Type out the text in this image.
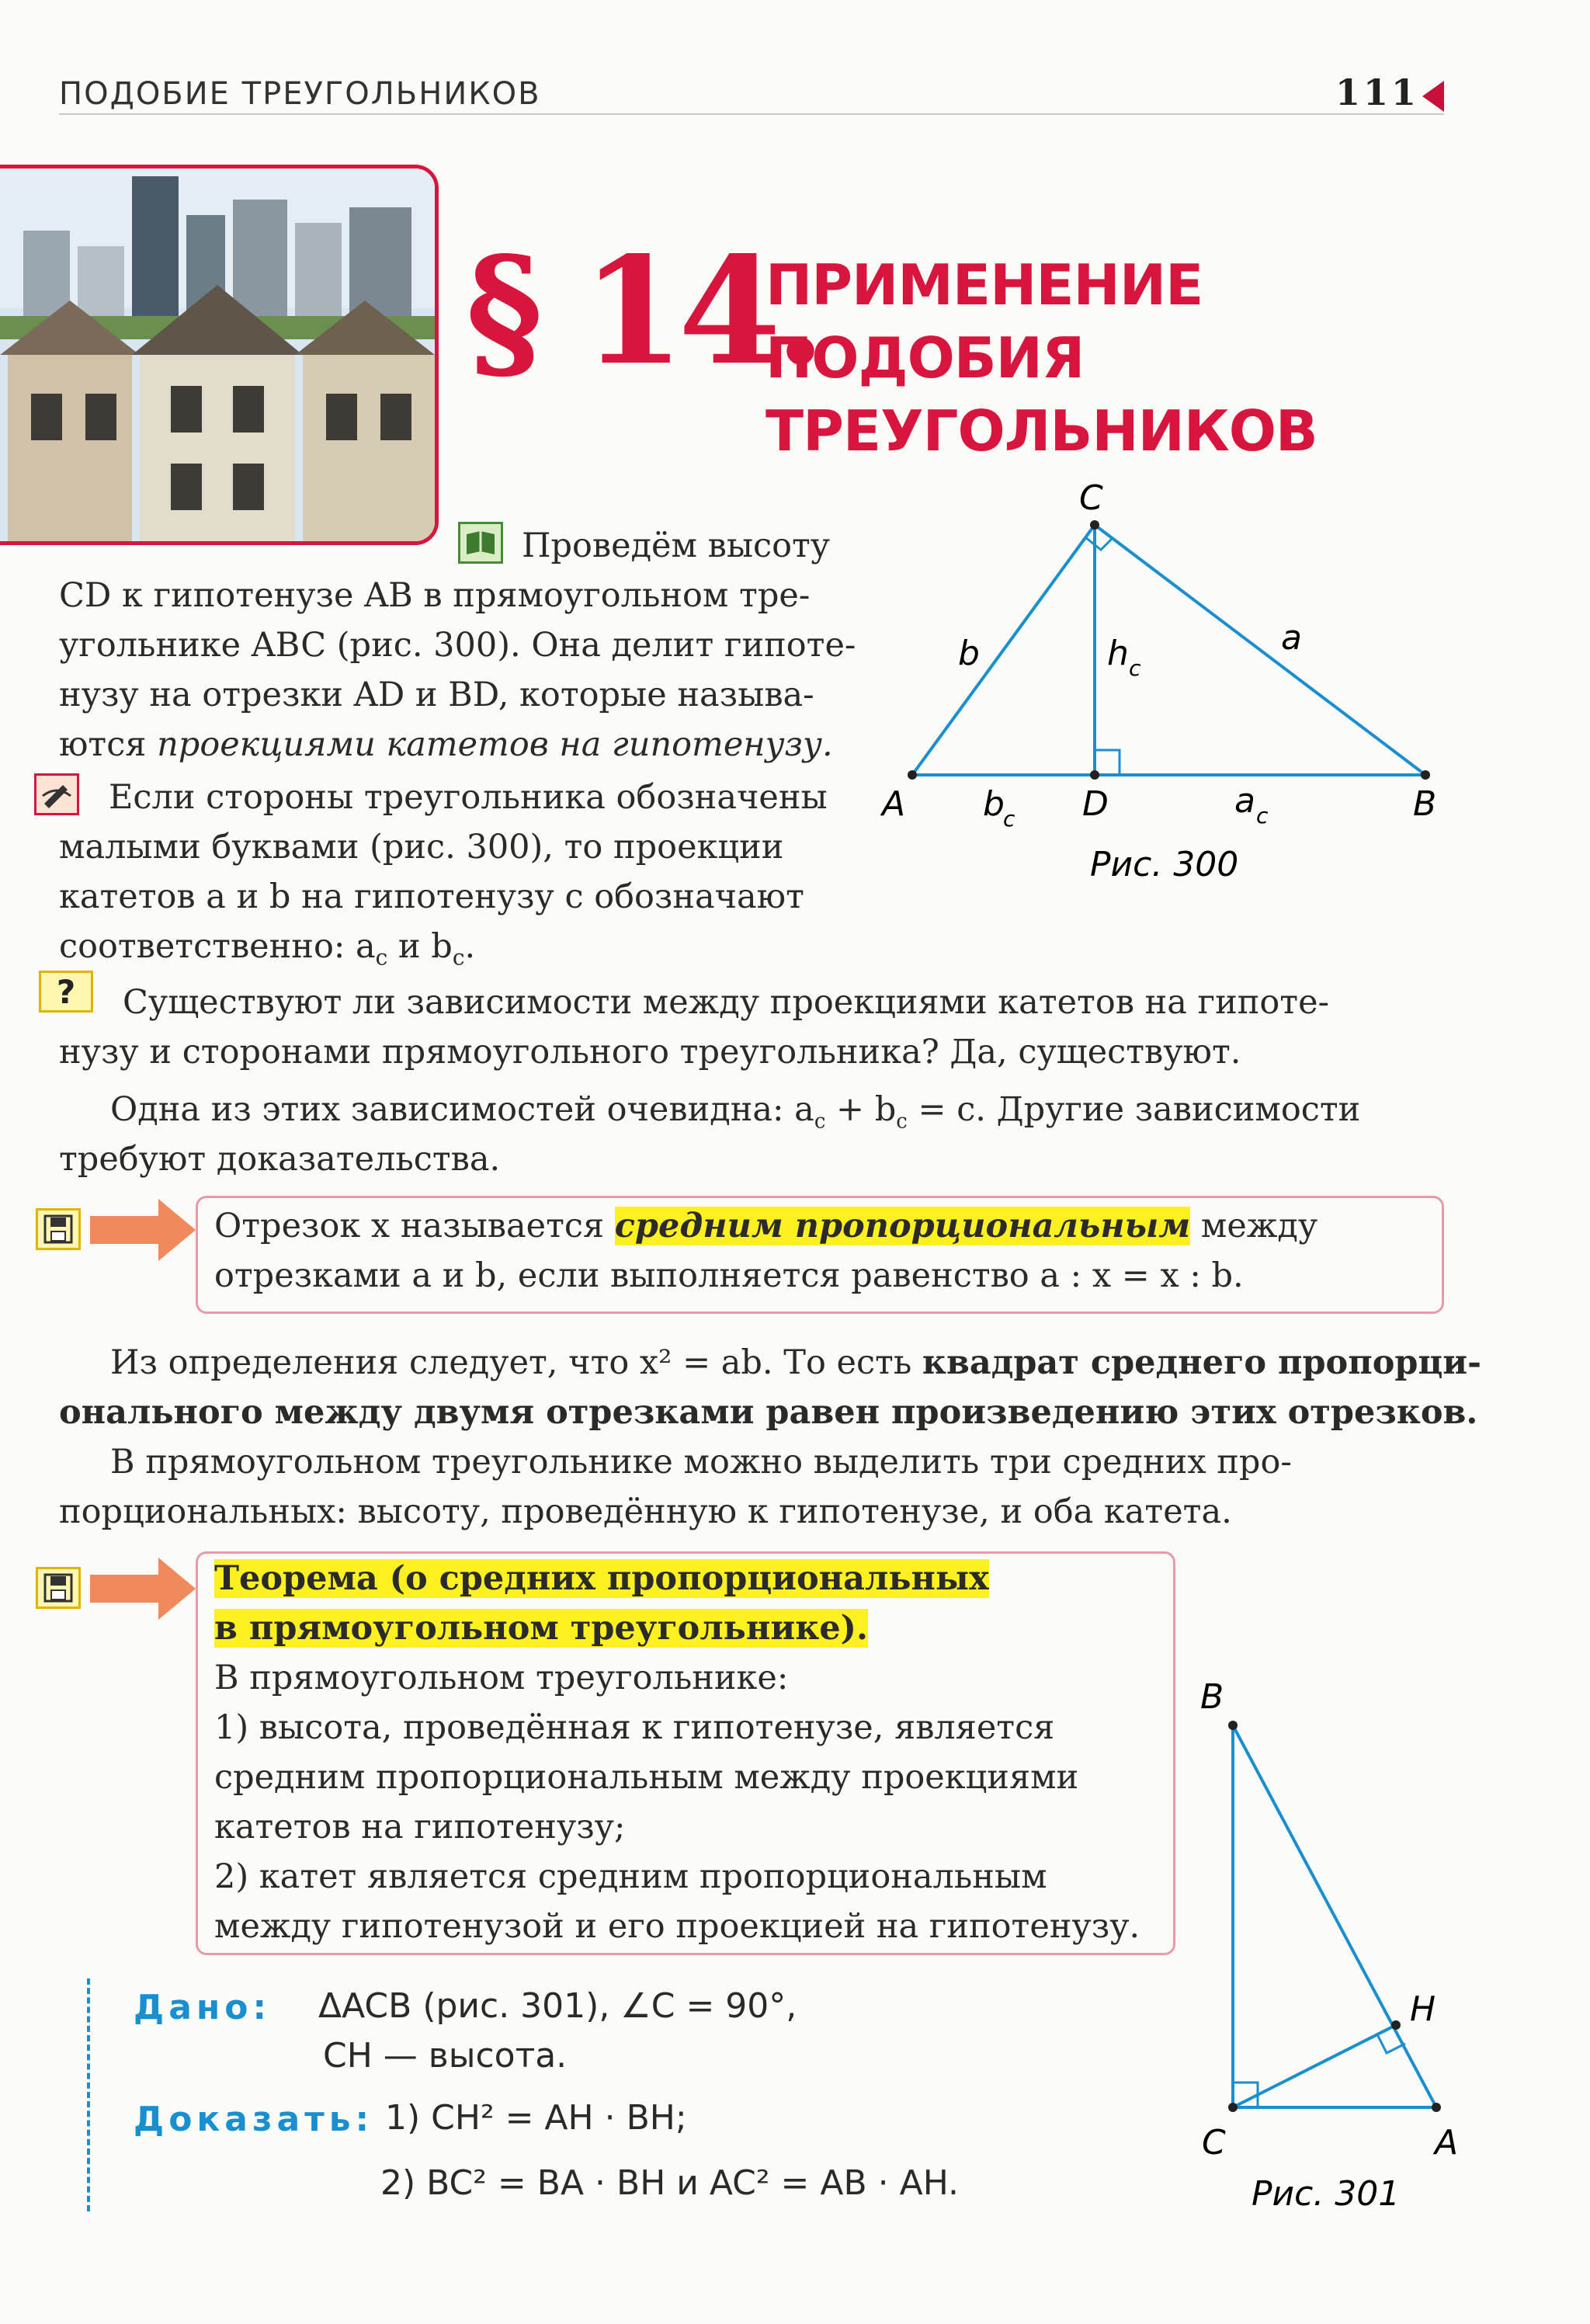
ПОДОБИЕ ТРЕУГОЛЬНИКОВ	111
§ 14.
ПРИМЕНЕНИЕ
ПОДОБИЯ
ТРЕУГОЛЬНИКОВ
Проведём высоту
CD к гипотенузе AB в прямоугольном тре-
угольнике ABC (рис. 300). Она делит гипоте-
нузу на отрезки AD и BD, которые называ-
ются проекциями катетов на гипотенузу.
Если стороны треугольника обозначены
малыми буквами (рис. 300), то проекции
катетов a и b на гипотенузу c обозначают
соответственно: $a_c$ и $b_c$.
C
A	B
D
b	a
h c
b
c	a c
Рис. 300
? Существуют ли зависимости между проекциями катетов на гипоте-
нузу и сторонами прямоугольного треугольника? Да, существуют.
Одна из этих зависимостей очевидна: $a_c + b_c = c$. Другие зависимости
требуют доказательства.
Отрезок x называется средним пропорциональным между
отрезками a и b, если выполняется равенство a : x = x : b.
Из определения следует, что x² = ab. То есть квадрат среднего пропорци-
онального между двумя отрезками равен произведению этих отрезков.
В прямоугольном треугольнике можно выделить три средних про-
порциональных: высоту, проведённую к гипотенузе, и оба катета.
Теорема (о средних пропорциональных
в прямоугольном треугольнике).
В прямоугольном треугольнике:
1) высота, проведённая к гипотенузе, является
средним пропорциональным между проекциями
катетов на гипотенузу;
2) катет является средним пропорциональным
между гипотенузой и его проекцией на гипотенузу.
Дано: ΔACB (рис. 301), ∠C = 90°,
CH — высота.
Доказать: 1) CH² = AH · BH;
2) BC² = BA · BH и AC² = AB · AH.
B
H
C	A
Рис. 301
